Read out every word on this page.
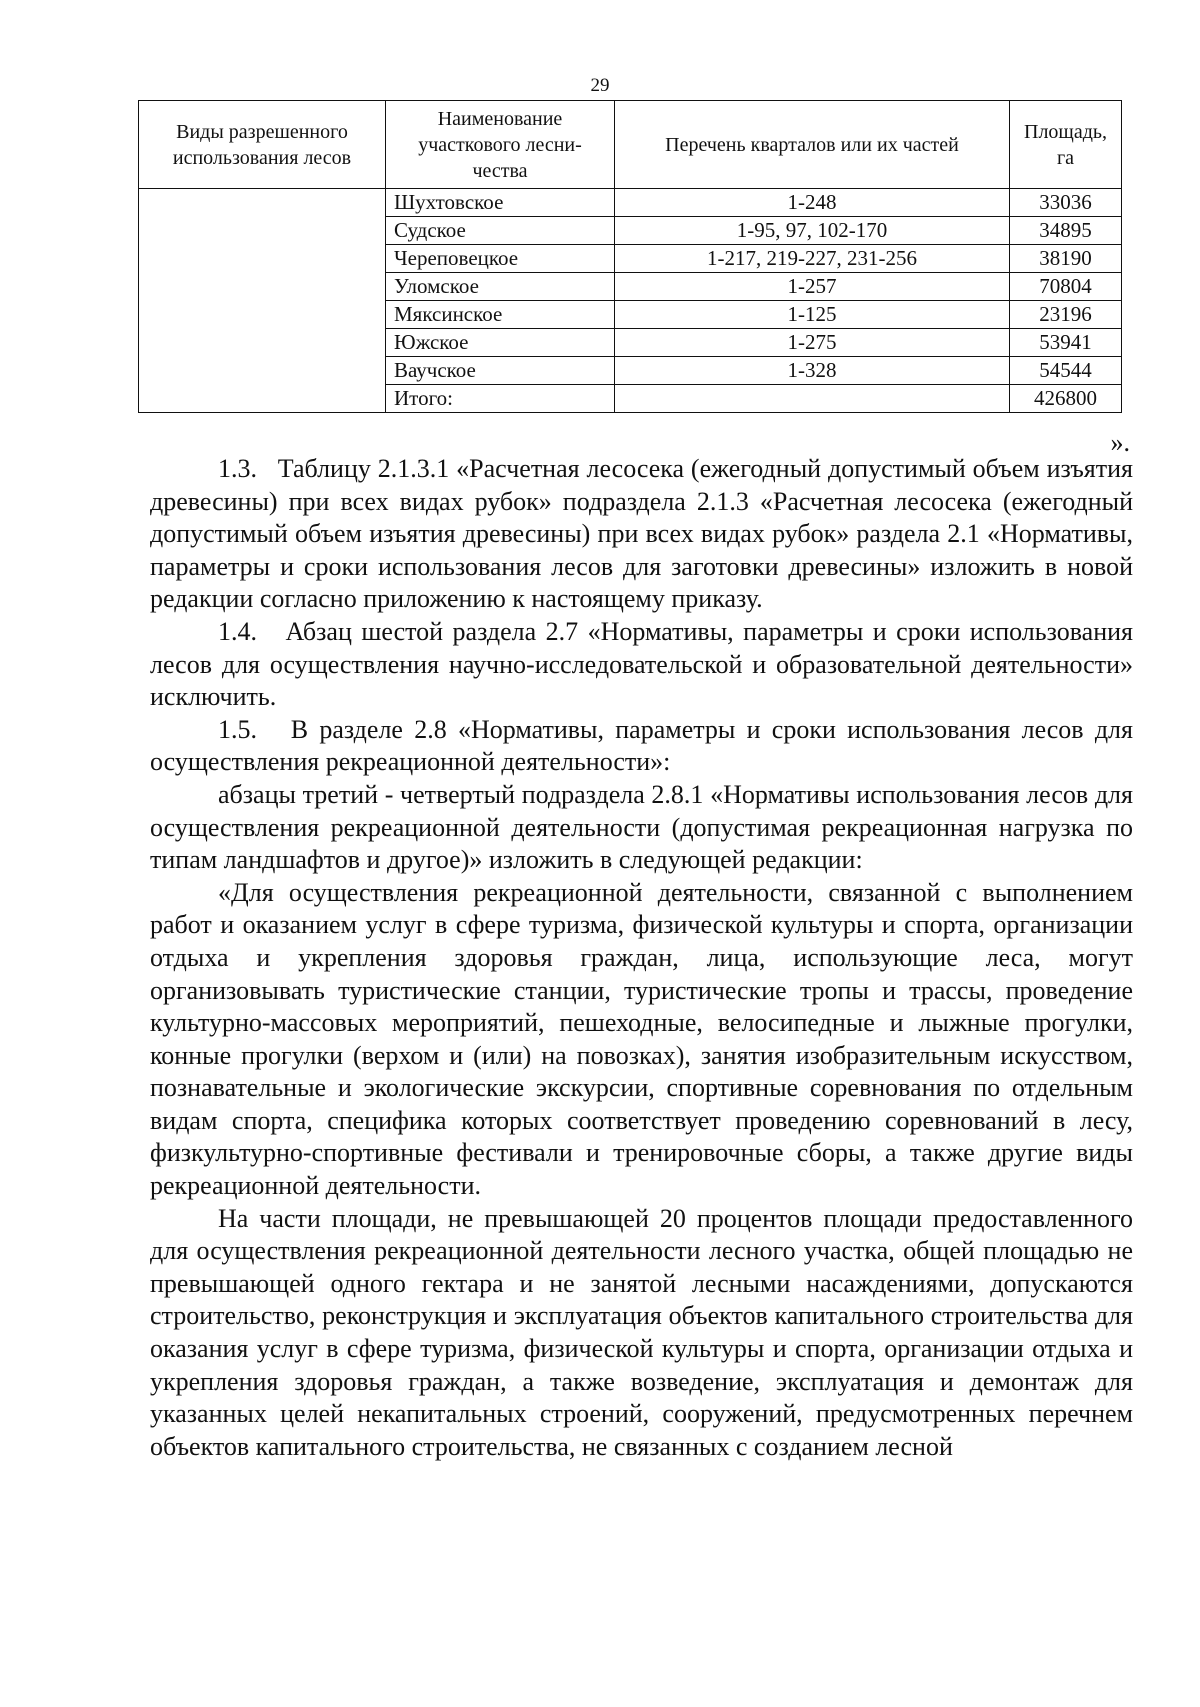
29
Виды разрешенного использования лесов	Наименование участкового лесни-чества	Перечень кварталов или их частей	Площадь, га
	Шухтовское	1-248	33036
	Судское	1-95, 97, 102-170	34895
	Череповецкое	1-217, 219-227, 231-256	38190
	Уломское	1-257	70804
	Мяксинское	1-125	23196
	Южское	1-275	53941
	Ваучское	1-328	54544
	Итого:		426800
».

1.3.   Таблицу 2.1.3.1 «Расчетная лесосека (ежегодный допустимый объем изъятия древесины) при всех видах рубок» подраздела 2.1.3 «Расчетная лесосека (ежегодный допустимый объем изъятия древесины) при всех видах рубок» раздела 2.1 «Нормативы, параметры и сроки использования лесов для заготовки древесины» изложить в новой редакции согласно приложению к настоящему приказу.

1.4.   Абзац шестой раздела 2.7 «Нормативы, параметры и сроки использования лесов для осуществления научно-исследовательской и образовательной деятельности» исключить.

1.5.   В разделе 2.8 «Нормативы, параметры и сроки использования лесов для осуществления рекреационной деятельности»:

абзацы третий - четвертый подраздела 2.8.1 «Нормативы использования лесов для осуществления рекреационной деятельности (допустимая рекреационная нагрузка по типам ландшафтов и другое)» изложить в следующей редакции:

«Для осуществления рекреационной деятельности, связанной с выполнением работ и оказанием услуг в сфере туризма, физической культуры и спорта, организации отдыха и укрепления здоровья граждан, лица, использующие леса, могут организовывать туристические станции, туристические тропы и трассы, проведение культурно-массовых мероприятий, пешеходные, велосипедные и лыжные прогулки, конные прогулки (верхом и (или) на повозках), занятия изобразительным искусством, познавательные и экологические экскурсии, спортивные соревнования по отдельным видам спорта, специфика которых соответствует проведению соревнований в лесу, физкультурно-спортивные фестивали и тренировочные сборы, а также другие виды рекреационной деятельности.

На части площади, не превышающей 20 процентов площади предоставленного для осуществления рекреационной деятельности лесного участка, общей площадью не превышающей одного гектара и не занятой лесными насаждениями, допускаются строительство, реконструкция и эксплуатация объектов капитального строительства для оказания услуг в сфере туризма, физической культуры и спорта, организации отдыха и укрепления здоровья граждан, а также возведение, эксплуатация и демонтаж для указанных целей некапитальных строений, сооружений, предусмотренных перечнем объектов капитального строительства, не связанных с созданием лесной
